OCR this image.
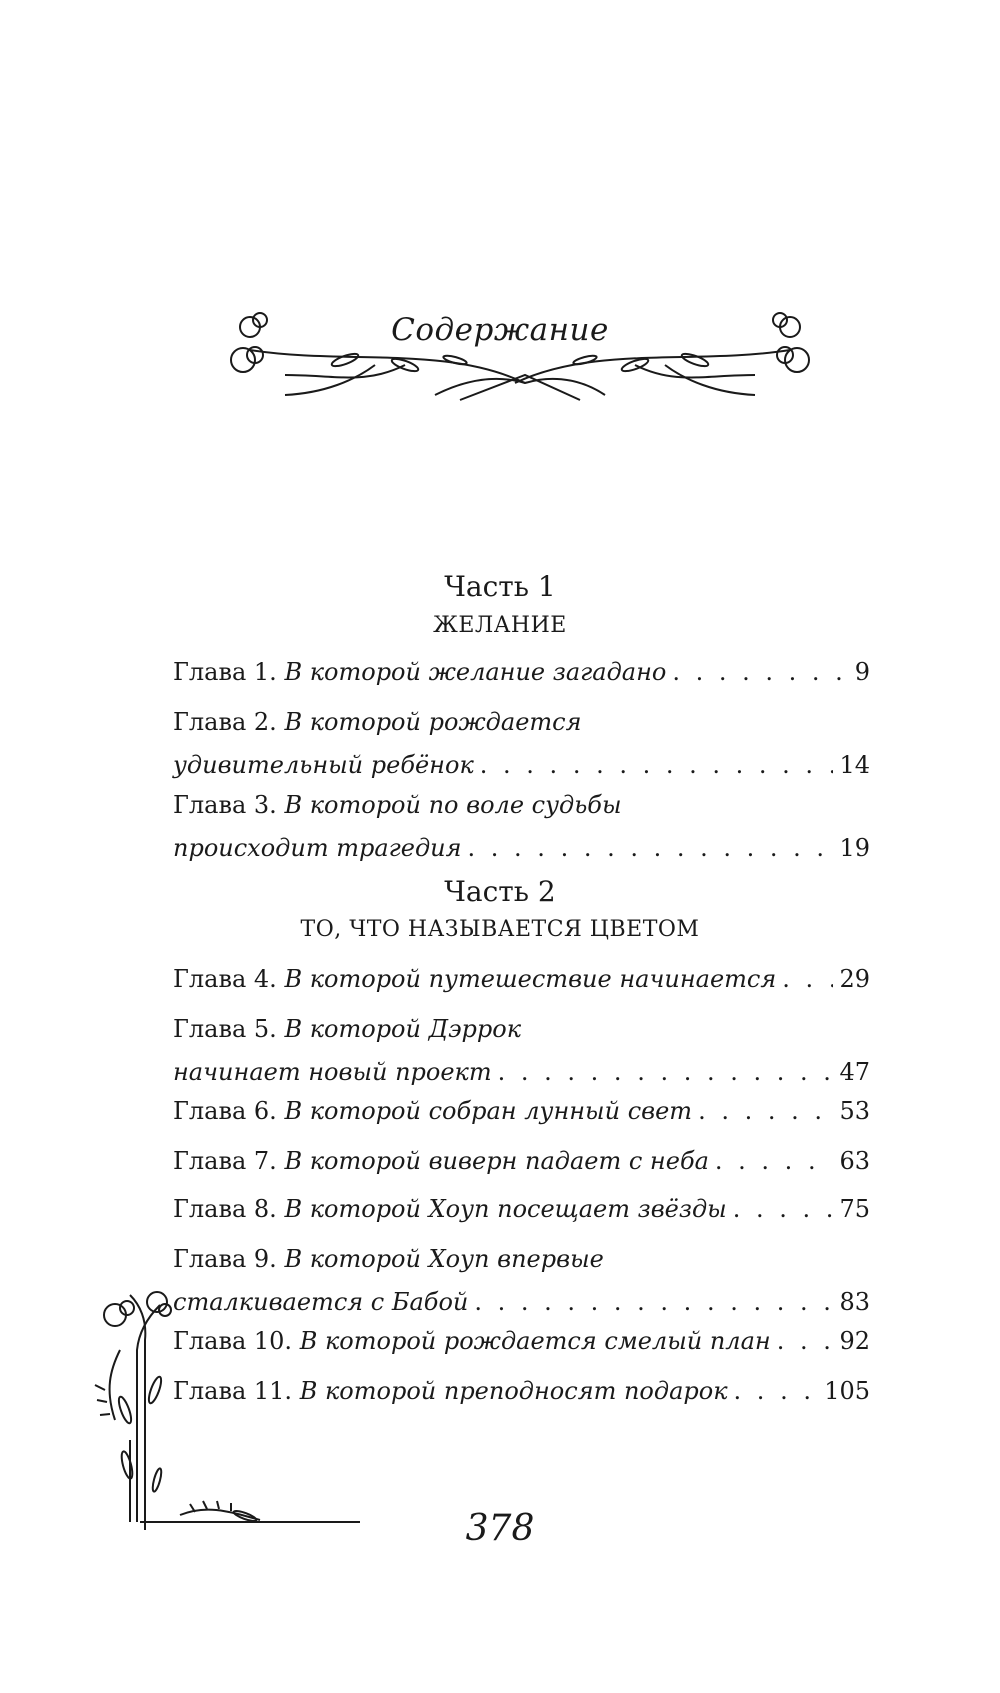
Содержание
Часть 1
ЖЕЛАНИЕ
Глава 1.
В которой желание загадано . . .	9
Глава 2.
В которой рождается
удивительный ребёнок . . .	14
Глава 3.
В которой по воле судьбы
происходит трагедия . . .	19
Часть 2
ТО, ЧТО НАЗЫВАЕТСЯ ЦВЕТОМ
Глава 4.
В которой путешествие начинается . . .	29
Глава 5.
В которой Дэррок
начинает новый проект . . .	47
Глава 6.
В которой собран лунный свет . . .	53
Глава 7.
В которой виверн падает с неба . . .	63
Глава 8.
В которой Хоуп посещает звёзды . . .	75
Глава 9.
В которой Хоуп впервые
сталкивается с Бабой . . .	83
Глава 10.
В которой рождается смелый план . . .	92
Глава 11.
В которой преподносят подарок . . .	105
378
